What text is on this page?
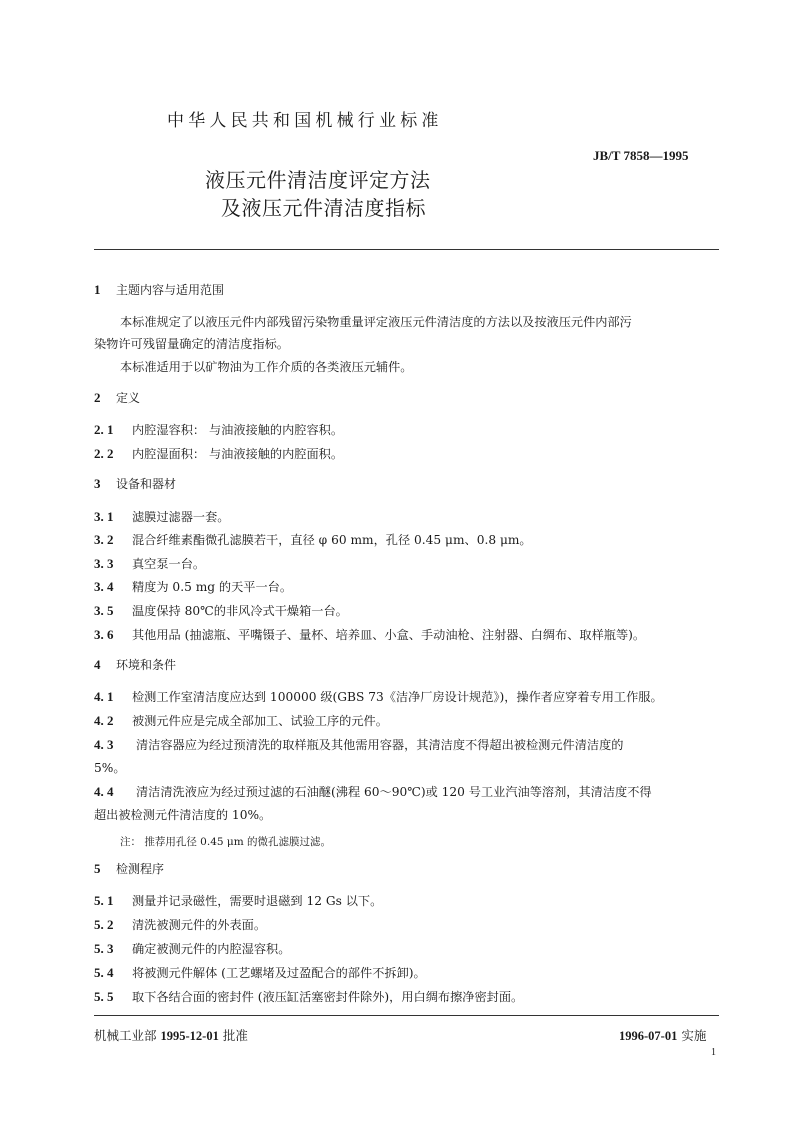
中华人民共和国机械行业标准
JB/T 7858—1995
液压元件清洁度评定方法
及液压元件清洁度指标
1 主题内容与适用范围
本标准规定了以液压元件内部残留污染物重量评定液压元件清洁度的方法以及按液压元件内部污
染物许可残留量确定的清洁度指标。
本标准适用于以矿物油为工作介质的各类液压元辅件。
2 定义
2. 1 内腔湿容积： 与油液接触的内腔容积。
2. 2 内腔湿面积： 与油液接触的内腔面积。
3 设备和器材
3. 1 滤膜过滤器一套。
3. 2 混合纤维素酯微孔滤膜若干，直径 φ 60 mm，孔径 0.45 μm、0.8 μm。
3. 3 真空泵一台。
3. 4 精度为 0.5 mg 的天平一台。
3. 5 温度保持 80℃的非风冷式干燥箱一台。
3. 6 其他用品 (抽滤瓶、平嘴镊子、量杯、培养皿、小盒、手动油枪、注射器、白绸布、取样瓶等)。
4 环境和条件
4. 1 检测工作室清洁度应达到 100000 级(GBS 73《洁净厂房设计规范》)，操作者应穿着专用工作服。
4. 2 被测元件应是完成全部加工、试验工序的元件。
4. 3 清洁容器应为经过预清洗的取样瓶及其他需用容器，其清洁度不得超出被检测元件清洁度的
5%。
4. 4 清洁清洗液应为经过预过滤的石油醚(沸程 60～90℃)或 120 号工业汽油等溶剂，其清洁度不得
超出被检测元件清洁度的 10%。
注： 推荐用孔径 0.45 μm 的微孔滤膜过滤。
5 检测程序
5. 1 测量并记录磁性，需要时退磁到 12 Gs 以下。
5. 2 清洗被测元件的外表面。
5. 3 确定被测元件的内腔湿容积。
5. 4 将被测元件解体 (工艺螺堵及过盈配合的部件不拆卸)。
5. 5 取下各结合面的密封件 (液压缸活塞密封件除外)，用白绸布擦净密封面。
机械工业部 1995-12-01 批准	1996-07-01 实施
1
